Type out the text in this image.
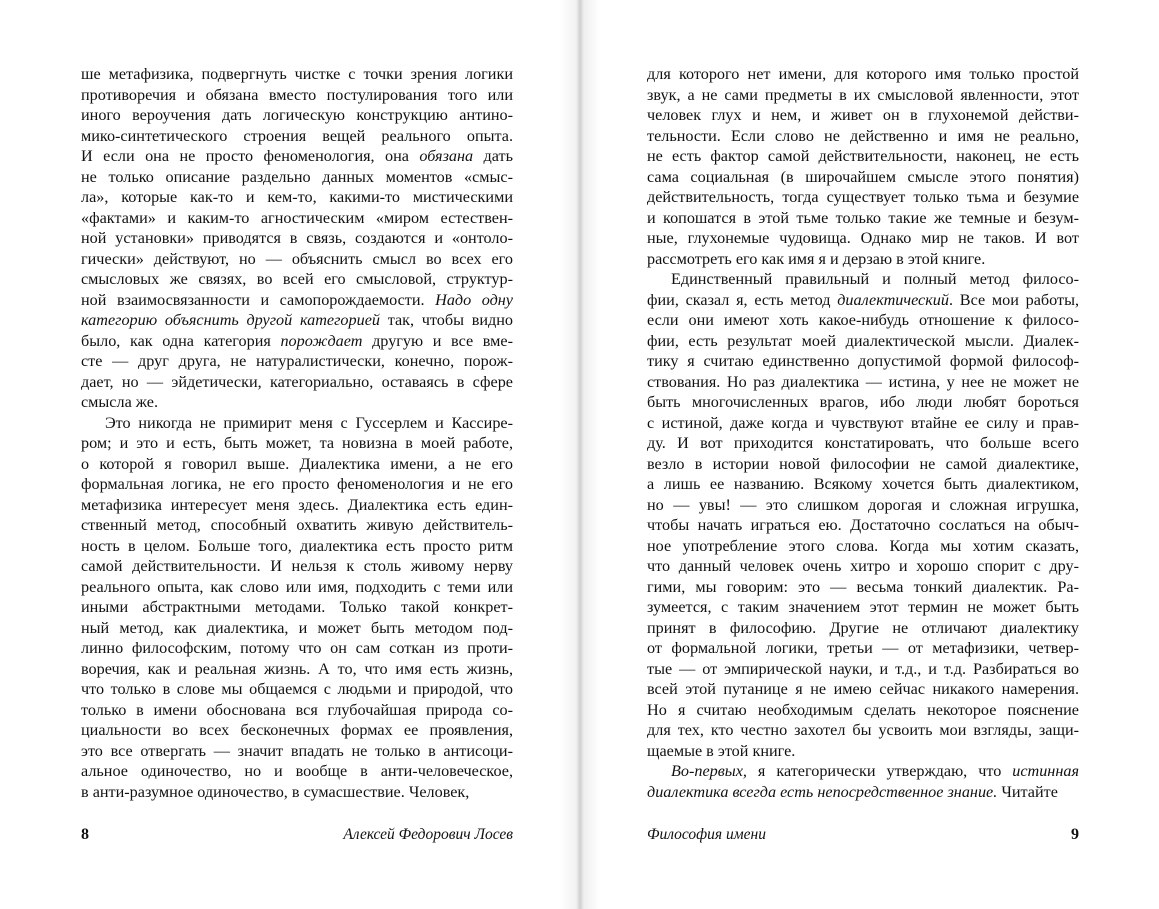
ше метафизика, подвергнуть чистке с точки зрения логики
противоречия и обязана вместо постулирования того или
иного вероучения дать логическую конструкцию антино-
мико-синтетического строения вещей реального опыта.
И если она не просто феноменология, она обязана дать
не только описание раздельно данных моментов «смыс-
ла», которые как-то и кем-то, какими-то мистическими
«фактами» и каким-то агностическим «миром естествен-
ной установки» приводятся в связь, создаются и «онтоло-
гически» действуют, но — объяснить смысл во всех его
смысловых же связях, во всей его смысловой, структур-
ной взаимосвязанности и самопорождаемости. Надо одну
категорию объяснить другой категорией так, чтобы видно
было, как одна категория порождает другую и все вме-
сте — друг друга, не натуралистически, конечно, порож-
дает, но — эйдетически, категориально, оставаясь в сфере
смысла же.
Это никогда не примирит меня с Гуссерлем и Кассире-
ром; и это и есть, быть может, та новизна в моей работе,
о которой я говорил выше. Диалектика имени, а не его
формальная логика, не его просто феноменология и не его
метафизика интересует меня здесь. Диалектика есть един-
ственный метод, способный охватить живую действитель-
ность в целом. Больше того, диалектика есть просто ритм
самой действительности. И нельзя к столь живому нерву
реального опыта, как слово или имя, подходить с теми или
иными абстрактными методами. Только такой конкрет-
ный метод, как диалектика, и может быть методом под-
линно философским, потому что он сам соткан из проти-
воречия, как и реальная жизнь. А то, что имя есть жизнь,
что только в слове мы общаемся с людьми и природой, что
только в имени обоснована вся глубочайшая природа со-
циальности во всех бесконечных формах ее проявления,
это все отвергать — значит впадать не только в антисоци-
альное одиночество, но и вообще в анти-человеческое,
в анти-разумное одиночество, в сумасшествие. Человек,
8	Алексей Федорович Лосев
для которого нет имени, для которого имя только простой
звук, а не сами предметы в их смысловой явленности, этот
человек глух и нем, и живет он в глухонемой действи-
тельности. Если слово не действенно и имя не реально,
не есть фактор самой действительности, наконец, не есть
сама социальная (в широчайшем смысле этого понятия)
действительность, тогда существует только тьма и безумие
и копошатся в этой тьме только такие же темные и безум-
ные, глухонемые чудовища. Однако мир не таков. И вот
рассмотреть его как имя я и дерзаю в этой книге.
Единственный правильный и полный метод филосо-
фии, сказал я, есть метод диалектический. Все мои работы,
если они имеют хоть какое-нибудь отношение к филосо-
фии, есть результат моей диалектической мысли. Диалек-
тику я считаю единственно допустимой формой философ-
ствования. Но раз диалектика — истина, у нее не может не
быть многочисленных врагов, ибо люди любят бороться
с истиной, даже когда и чувствуют втайне ее силу и прав-
ду. И вот приходится констатировать, что больше всего
везло в истории новой философии не самой диалектике,
а лишь ее названию. Всякому хочется быть диалектиком,
но — увы! — это слишком дорогая и сложная игрушка,
чтобы начать играться ею. Достаточно сослаться на обыч-
ное употребление этого слова. Когда мы хотим сказать,
что данный человек очень хитро и хорошо спорит с дру-
гими, мы говорим: это — весьма тонкий диалектик. Ра-
зумеется, с таким значением этот термин не может быть
принят в философию. Другие не отличают диалектику
от формальной логики, третьи — от метафизики, четвер-
тые — от эмпирической науки, и т.д., и т.д. Разбираться во
всей этой путанице я не имею сейчас никакого намерения.
Но я считаю необходимым сделать некоторое пояснение
для тех, кто честно захотел бы усвоить мои взгляды, защи-
щаемые в этой книге.
Во-первых, я категорически утверждаю, что истинная
диалектика всегда есть непосредственное знание. Читайте
Философия имени	9
